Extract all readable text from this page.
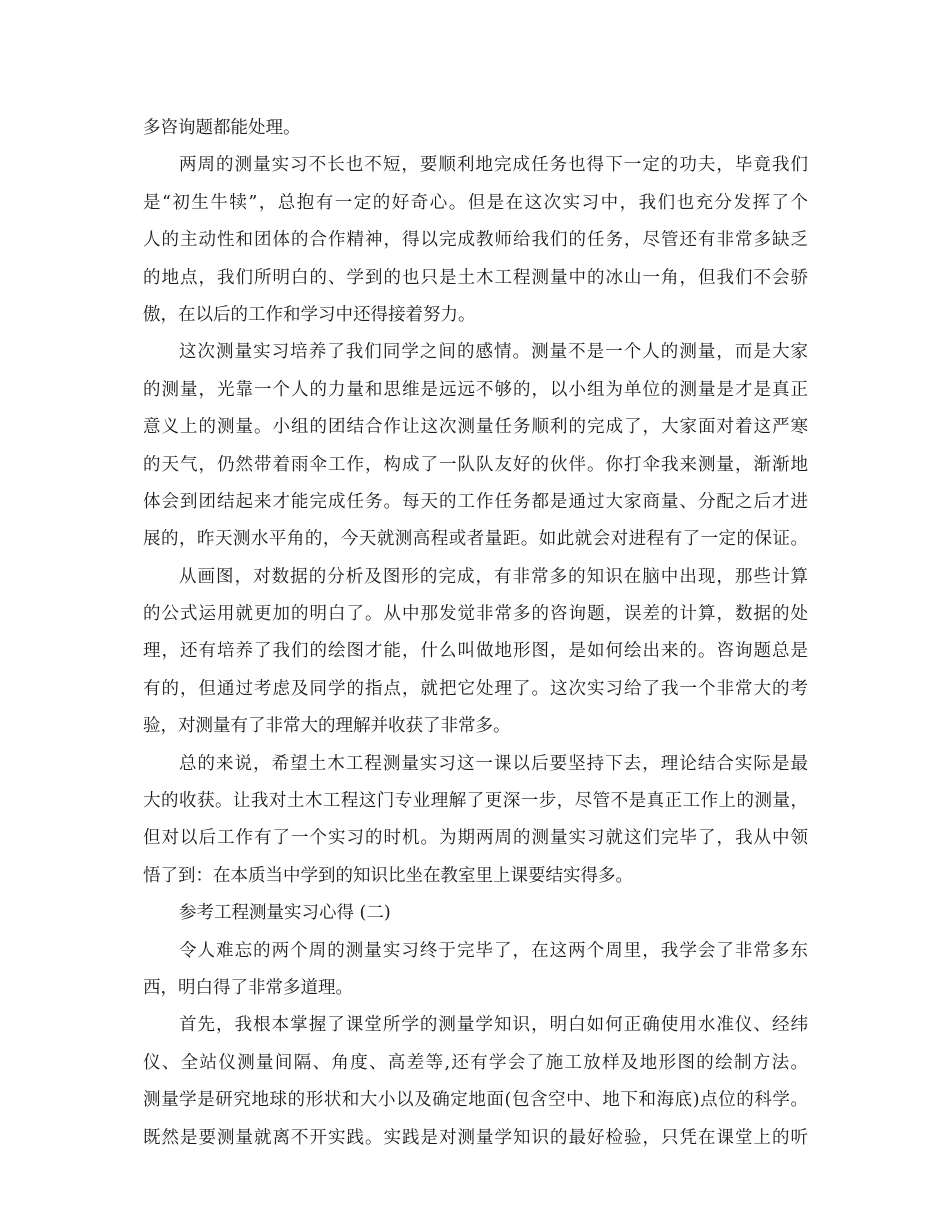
多咨询题都能处理。
两周的测量实习不长也不短，要顺利地完成任务也得下一定的功夫，毕竟我们
是“初生牛犊”，总抱有一定的好奇心。但是在这次实习中，我们也充分发挥了个
人的主动性和团体的合作精神，得以完成教师给我们的任务，尽管还有非常多缺乏
的地点，我们所明白的、学到的也只是土木工程测量中的冰山一角，但我们不会骄
傲，在以后的工作和学习中还得接着努力。
这次测量实习培养了我们同学之间的感情。测量不是一个人的测量，而是大家
的测量，光靠一个人的力量和思维是远远不够的，以小组为单位的测量是才是真正
意义上的测量。小组的团结合作让这次测量任务顺利的完成了，大家面对着这严寒
的天气，仍然带着雨伞工作，构成了一队队友好的伙伴。你打伞我来测量，渐渐地
体会到团结起来才能完成任务。每天的工作任务都是通过大家商量、分配之后才进
展的，昨天测水平角的，今天就测高程或者量距。如此就会对进程有了一定的保证。
从画图，对数据的分析及图形的完成，有非常多的知识在脑中出现，那些计算
的公式运用就更加的明白了。从中那发觉非常多的咨询题，误差的计算，数据的处
理，还有培养了我们的绘图才能，什么叫做地形图，是如何绘出来的。咨询题总是
有的，但通过考虑及同学的指点，就把它处理了。这次实习给了我一个非常大的考
验，对测量有了非常大的理解并收获了非常多。
总的来说，希望土木工程测量实习这一课以后要坚持下去，理论结合实际是最
大的收获。让我对土木工程这门专业理解了更深一步，尽管不是真正工作上的测量，
但对以后工作有了一个实习的时机。为期两周的测量实习就这们完毕了，我从中领
悟了到：在本质当中学到的知识比坐在教室里上课要结实得多。
参考工程测量实习心得 (二)
令人难忘的两个周的测量实习终于完毕了，在这两个周里，我学会了非常多东
西，明白得了非常多道理。
首先，我根本掌握了课堂所学的测量学知识，明白如何正确使用水准仪、经纬
仪、全站仪测量间隔、角度、高差等,还有学会了施工放样及地形图的绘制方法。
测量学是研究地球的形状和大小以及确定地面(包含空中、地下和海底)点位的科学。
既然是要测量就离不开实践。实践是对测量学知识的最好检验，只凭在课堂上的听
